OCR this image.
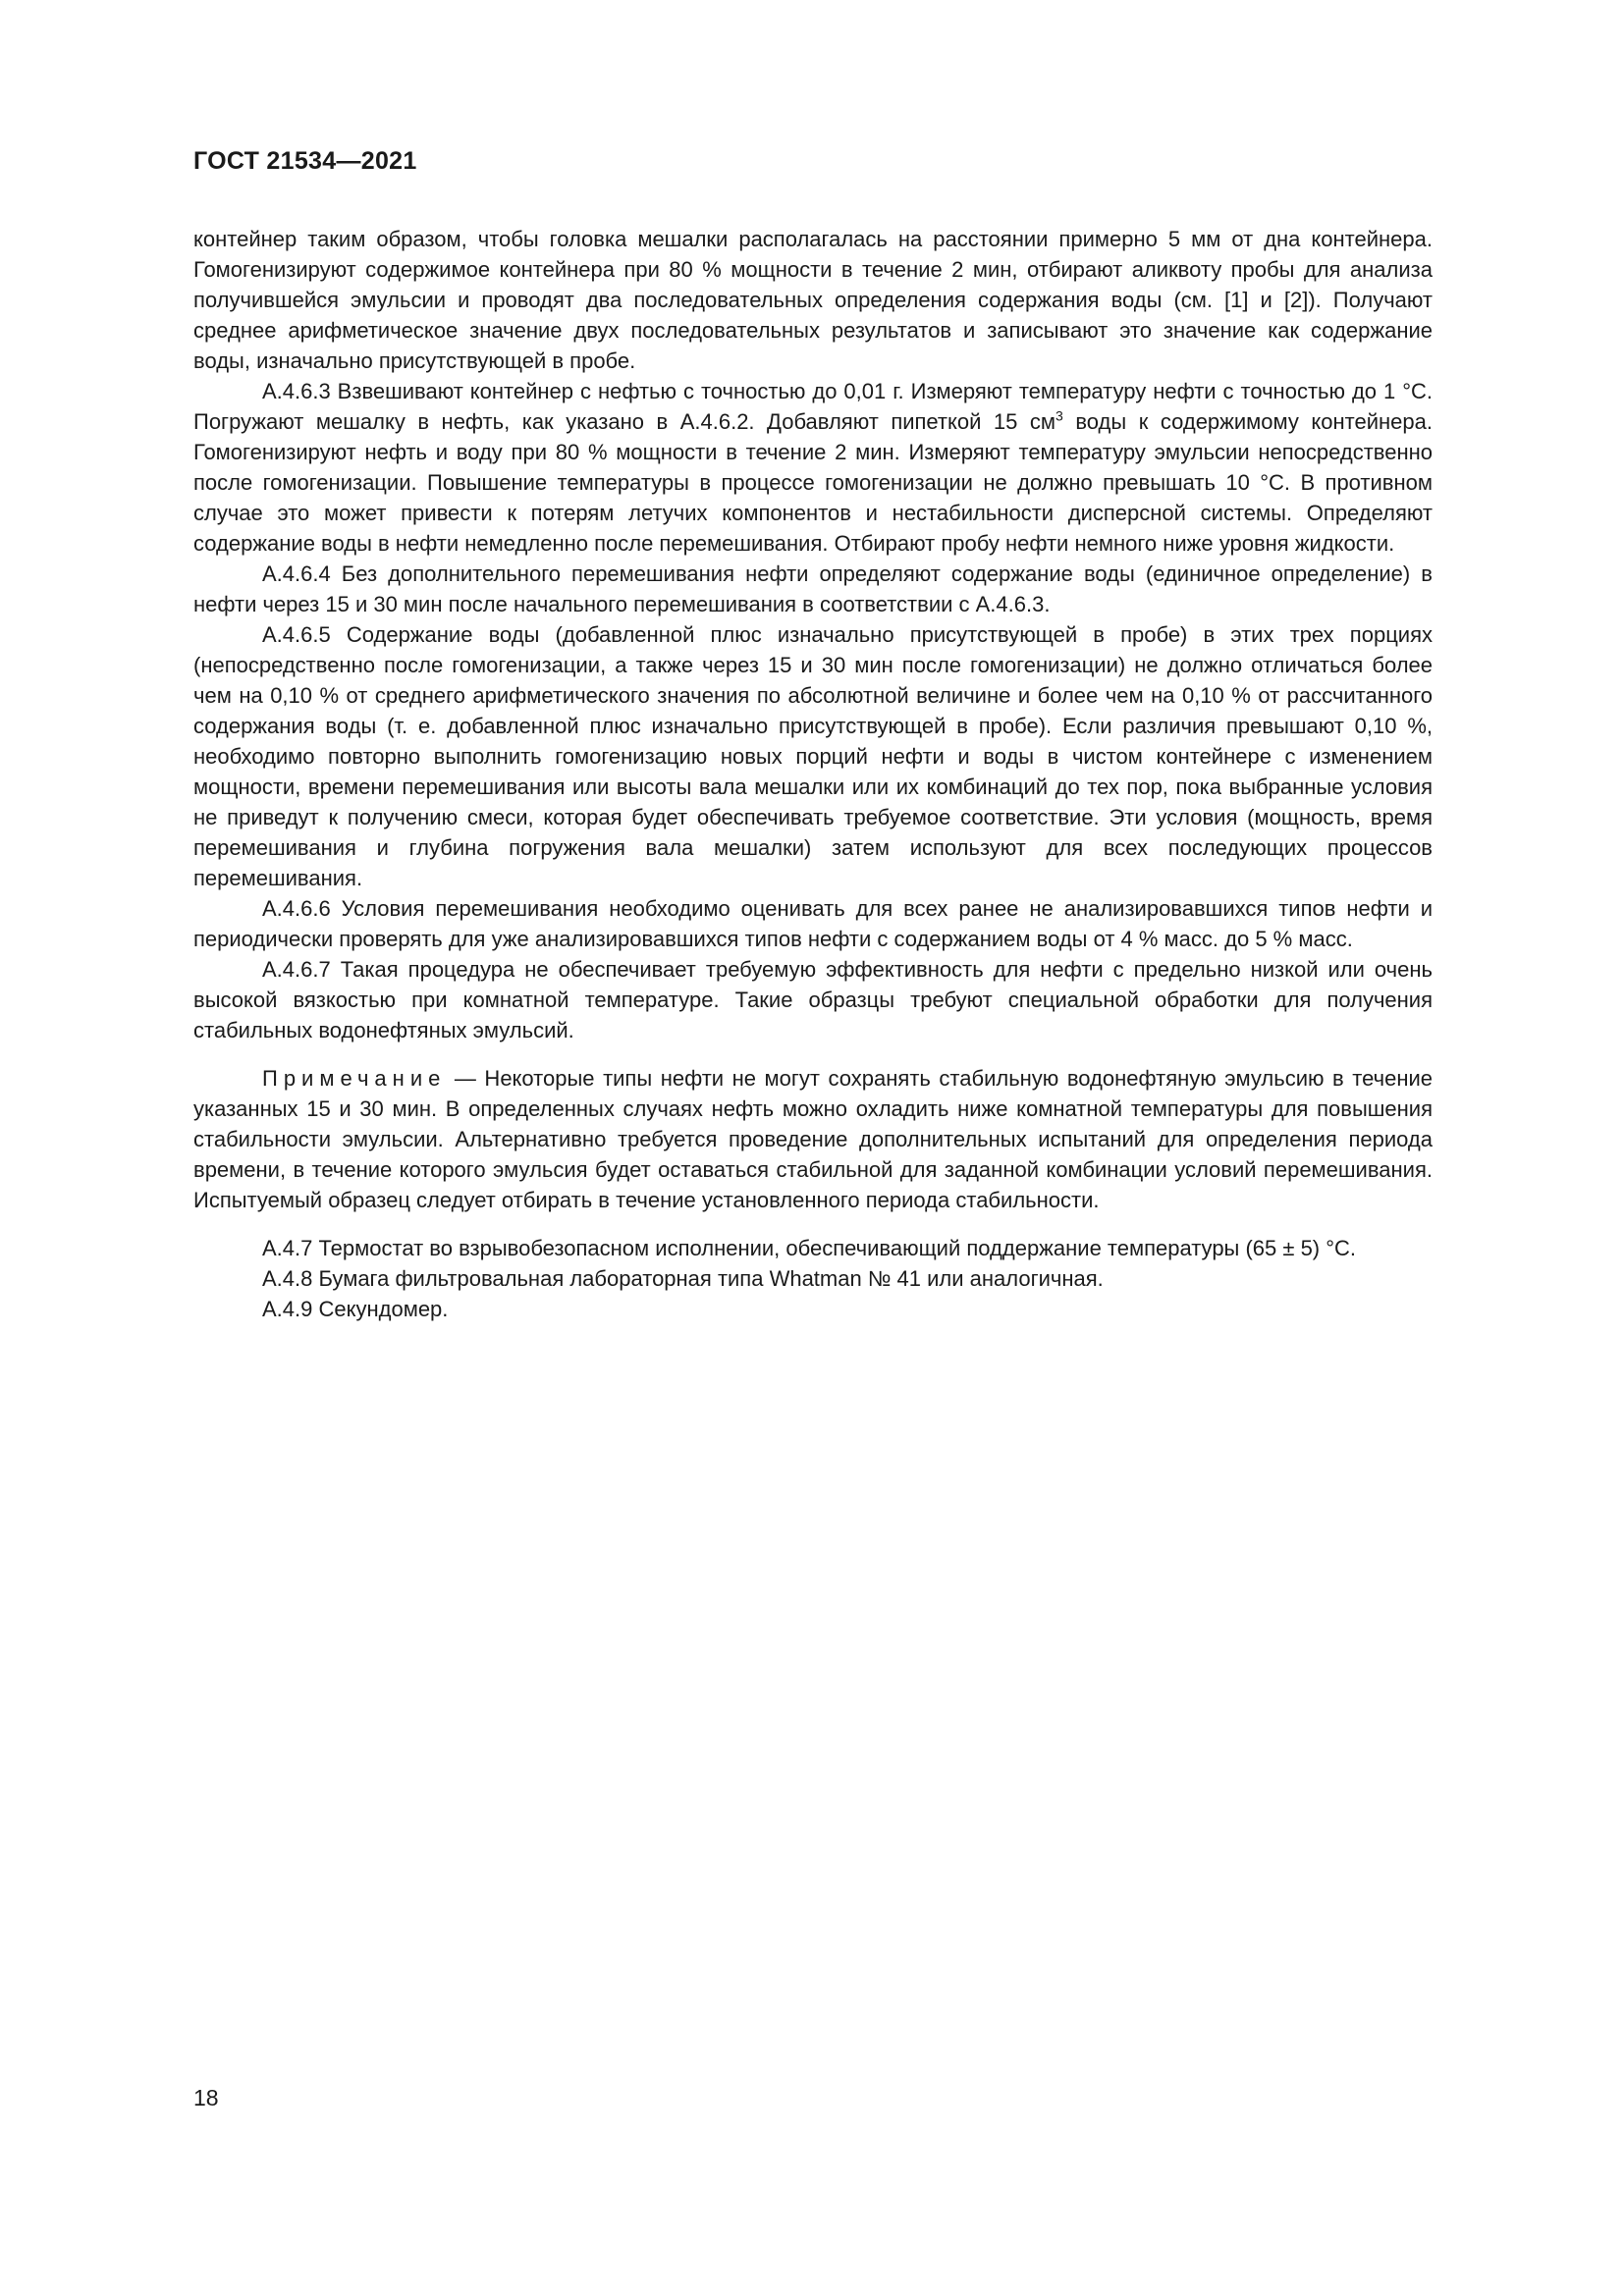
ГОСТ 21534—2021

контейнер таким образом, чтобы головка мешалки располагалась на расстоянии примерно 5 мм от дна контейнера. Гомогенизируют содержимое контейнера при 80 % мощности в течение 2 мин, отбирают аликвоту пробы для анализа получившейся эмульсии и проводят два последовательных определения содержания воды (см. [1] и [2]). Получают среднее арифметическое значение двух последовательных результатов и записывают это значение как содержание воды, изначально присутствующей в пробе.

А.4.6.3 Взвешивают контейнер с нефтью с точностью до 0,01 г. Измеряют температуру нефти с точностью до 1 °С. Погружают мешалку в нефть, как указано в А.4.6.2. Добавляют пипеткой 15 $см^3$ воды к содержимому контейнера. Гомогенизируют нефть и воду при 80 % мощности в течение 2 мин. Измеряют температуру эмульсии непосредственно после гомогенизации. Повышение температуры в процессе гомогенизации не должно превышать 10 °С. В противном случае это может привести к потерям летучих компонентов и нестабильности дисперсной системы. Определяют содержание воды в нефти немедленно после перемешивания. Отбирают пробу нефти немного ниже уровня жидкости.

А.4.6.4 Без дополнительного перемешивания нефти определяют содержание воды (единичное определение) в нефти через 15 и 30 мин после начального перемешивания в соответствии с А.4.6.3.

А.4.6.5 Содержание воды (добавленной плюс изначально присутствующей в пробе) в этих трех порциях (непосредственно после гомогенизации, а также через 15 и 30 мин после гомогенизации) не должно отличаться более чем на 0,10 % от среднего арифметического значения по абсолютной величине и более чем на 0,10 % от рассчитанного содержания воды (т. е. добавленной плюс изначально присутствующей в пробе). Если различия превышают 0,10 %, необходимо повторно выполнить гомогенизацию новых порций нефти и воды в чистом контейнере с изменением мощности, времени перемешивания или высоты вала мешалки или их комбинаций до тех пор, пока выбранные условия не приведут к получению смеси, которая будет обеспечивать требуемое соответствие. Эти условия (мощность, время перемешивания и глубина погружения вала мешалки) затем используют для всех последующих процессов перемешивания.

А.4.6.6 Условия перемешивания необходимо оценивать для всех ранее не анализировавшихся типов нефти и периодически проверять для уже анализировавшихся типов нефти с содержанием воды от 4 % масс. до 5 % масс.

А.4.6.7 Такая процедура не обеспечивает требуемую эффективность для нефти с предельно низкой или очень высокой вязкостью при комнатной температуре. Такие образцы требуют специальной обработки для получения стабильных водонефтяных эмульсий.

Примечание — Некоторые типы нефти не могут сохранять стабильную водонефтяную эмульсию в течение указанных 15 и 30 мин. В определенных случаях нефть можно охладить ниже комнатной температуры для повышения стабильности эмульсии. Альтернативно требуется проведение дополнительных испытаний для определения периода времени, в течение которого эмульсия будет оставаться стабильной для заданной комбинации условий перемешивания. Испытуемый образец следует отбирать в течение установленного периода стабильности.

А.4.7 Термостат во взрывобезопасном исполнении, обеспечивающий поддержание температуры (65 ± 5) °С.

А.4.8 Бумага фильтровальная лабораторная типа Whatman № 41 или аналогичная.

А.4.9 Секундомер.

18
